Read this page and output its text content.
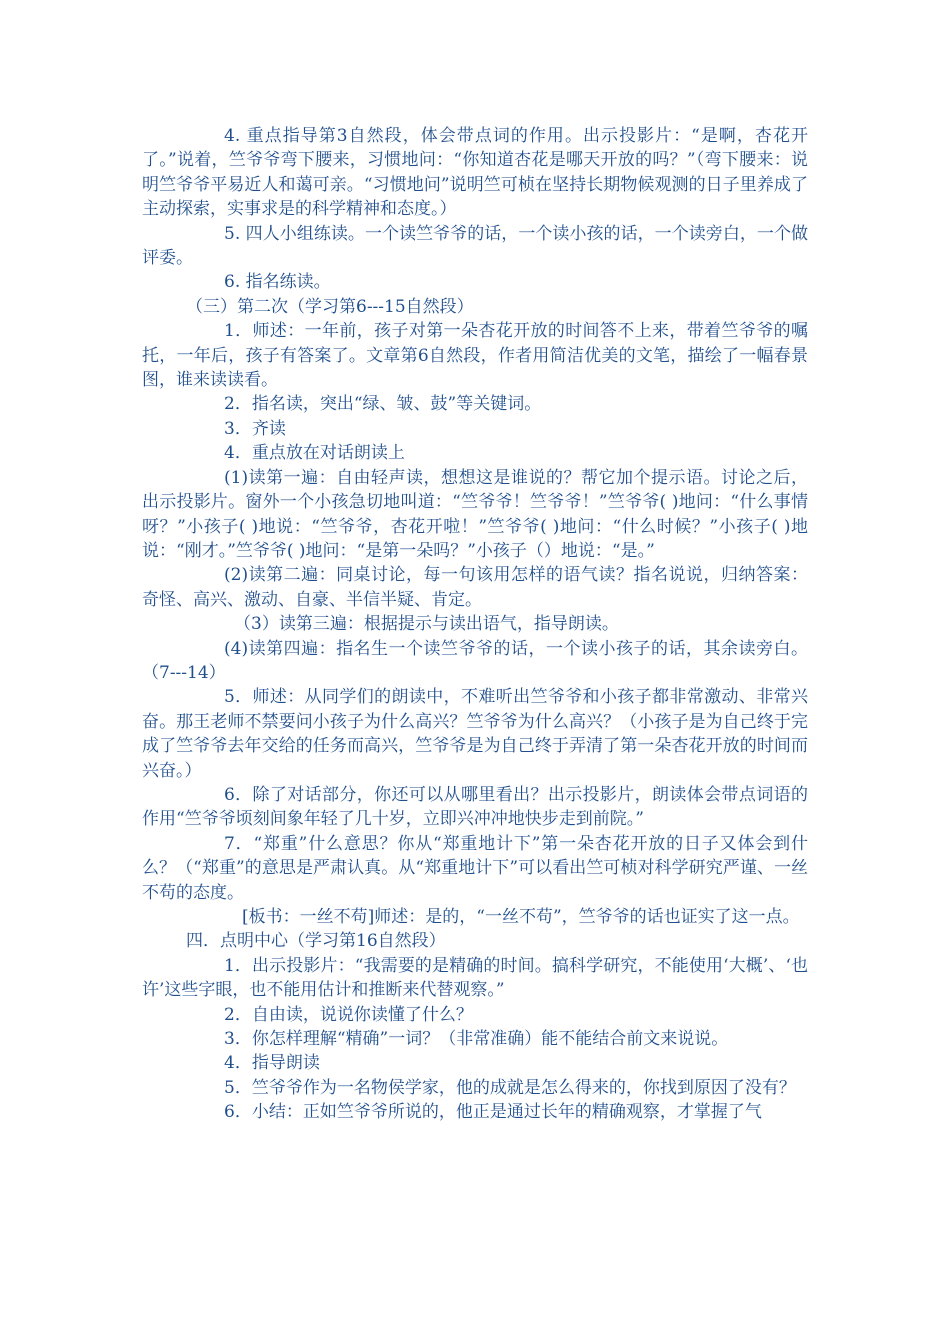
4. 重点指导第3自然段，体会带点词的作用。出示投影片：“是啊，杏花开了。”说着，竺爷爷弯下腰来，习惯地问：“你知道杏花是哪天开放的吗？”（弯下腰来：说明竺爷爷平易近人和蔼可亲。“习惯地问”说明竺可桢在坚持长期物候观测的日子里养成了主动探索，实事求是的科学精神和态度。）

5. 四人小组练读。一个读竺爷爷的话，一个读小孩的话，一个读旁白，一个做评委。

6. 指名练读。

（三）第二次（学习第6---15自然段）

1．师述：一年前，孩子对第一朵杏花开放的时间答不上来，带着竺爷爷的嘱托，一年后，孩子有答案了。文章第6自然段，作者用简洁优美的文笔，描绘了一幅春景图，谁来读读看。

2．指名读，突出“绿、皱、鼓”等关键词。

3．齐读

4．重点放在对话朗读上

(1)读第一遍：自由轻声读，想想这是谁说的？帮它加个提示语。讨论之后，出示投影片。窗外一个小孩急切地叫道：“竺爷爷！竺爷爷！”竺爷爷( )地问：“什么事情呀？”小孩子( )地说：“竺爷爷，杏花开啦！”竺爷爷( )地问：“什么时候？”小孩子( )地说：“刚才。”竺爷爷( )地问：“是第一朵吗？”小孩子（）地说：“是。”

(2)读第二遍：同桌讨论，每一句该用怎样的语气读？指名说说，归纳答案：奇怪、高兴、激动、自豪、半信半疑、肯定。

（3）读第三遍：根据提示与读出语气，指导朗读。

(4)读第四遍：指名生一个读竺爷爷的话，一个读小孩子的话，其余读旁白。（7---14）

5．师述：从同学们的朗读中，不难听出竺爷爷和小孩子都非常激动、非常兴奋。那王老师不禁要问小孩子为什么高兴？竺爷爷为什么高兴？（小孩子是为自己终于完成了竺爷爷去年交给的任务而高兴，竺爷爷是为自己终于弄清了第一朵杏花开放的时间而兴奋。）

6．除了对话部分，你还可以从哪里看出？出示投影片，朗读体会带点词语的作用“竺爷爷顷刻间象年轻了几十岁，立即兴冲冲地快步走到前院。”

7．“郑重”什么意思？你从“郑重地计下”第一朵杏花开放的日子又体会到什么？（“郑重”的意思是严肃认真。从“郑重地计下”可以看出竺可桢对科学研究严谨、一丝不苟的态度。

[板书：一丝不苟]师述：是的，“一丝不苟”，竺爷爷的话也证实了这一点。

四．点明中心（学习第16自然段）

1．出示投影片：“我需要的是精确的时间。搞科学研究，不能使用‘大概’、‘也许’这些字眼，也不能用估计和推断来代替观察。”

2．自由读，说说你读懂了什么？

3．你怎样理解“精确”一词？（非常准确）能不能结合前文来说说。

4．指导朗读

5．竺爷爷作为一名物侯学家，他的成就是怎么得来的，你找到原因了没有？

6．小结：正如竺爷爷所说的，他正是通过长年的精确观察，才掌握了气
